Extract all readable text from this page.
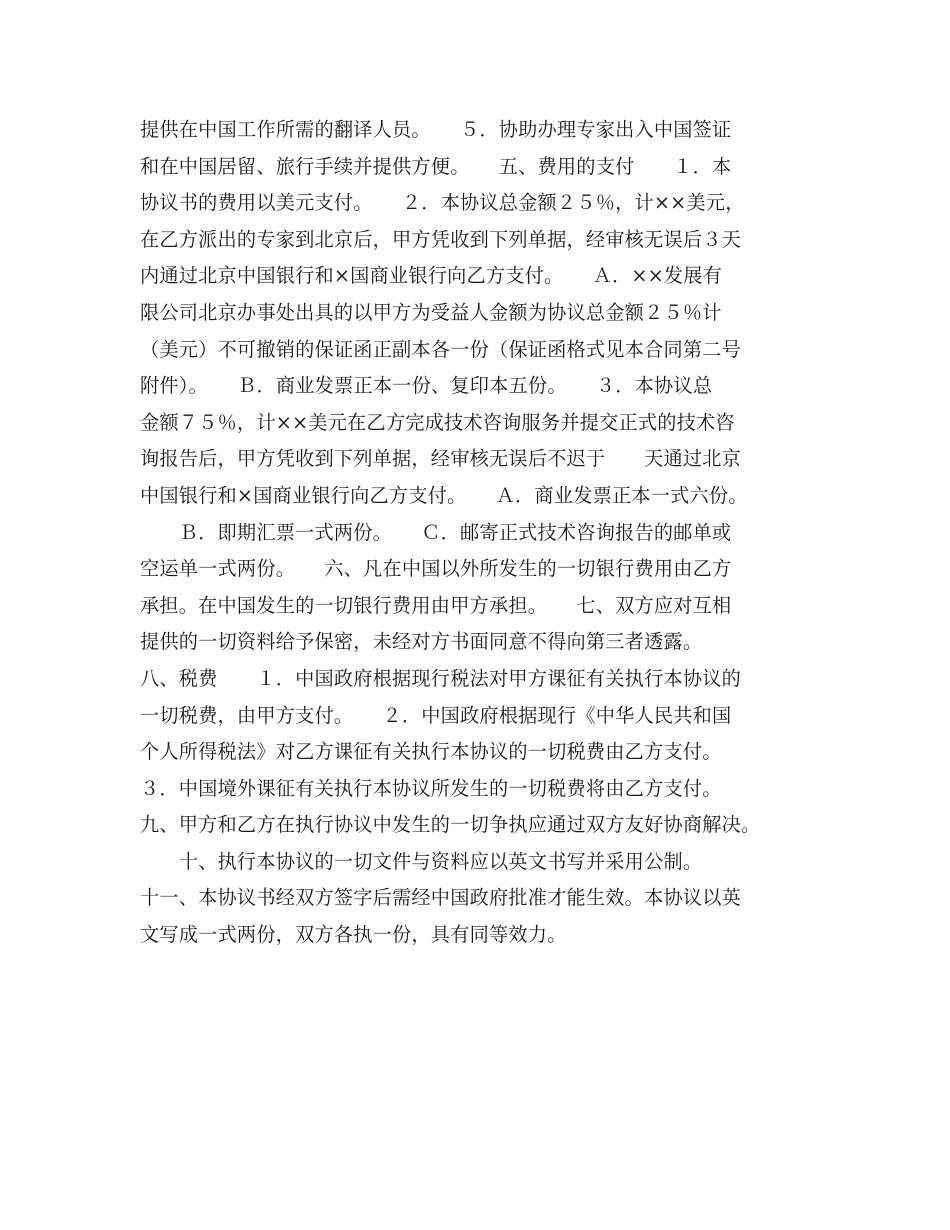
提供在中国工作所需的翻译人员。　　５．协助办理专家出入中国签证
和在中国居留、旅行手续并提供方便。　　五、费用的支付　　１．本
协议书的费用以美元支付。　　２．本协议总金额２５％，计××美元，
在乙方派出的专家到北京后，甲方凭收到下列单据，经审核无误后３天
内通过北京中国银行和×国商业银行向乙方支付。　　Ａ．××发展有
限公司北京办事处出具的以甲方为受益人金额为协议总金额２５％计
（美元）不可撤销的保证函正副本各一份（保证函格式见本合同第二号
附件）。　　Ｂ．商业发票正本一份、复印本五份。　　３．本协议总
金额７５％，计××美元在乙方完成技术咨询服务并提交正式的技术咨
询报告后，甲方凭收到下列单据，经审核无误后不迟于　　天通过北京
中国银行和×国商业银行向乙方支付。　　Ａ．商业发票正本一式六份。
　　Ｂ．即期汇票一式两份。　　Ｃ．邮寄正式技术咨询报告的邮单或
空运单一式两份。　　六、凡在中国以外所发生的一切银行费用由乙方
承担。在中国发生的一切银行费用由甲方承担。　　七、双方应对互相
提供的一切资料给予保密，未经对方书面同意不得向第三者透露。　　
八、税费　　１．中国政府根据现行税法对甲方课征有关执行本协议的
一切税费，由甲方支付。　　２．中国政府根据现行《中华人民共和国
个人所得税法》对乙方课征有关执行本协议的一切税费由乙方支付。　
３．中国境外课征有关执行本协议所发生的一切税费将由乙方支付。　
九、甲方和乙方在执行协议中发生的一切争执应通过双方友好协商解决。
　　十、执行本协议的一切文件与资料应以英文书写并采用公制。　　
十一、本协议书经双方签字后需经中国政府批准才能生效。本协议以英
文写成一式两份，双方各执一份，具有同等效力。
